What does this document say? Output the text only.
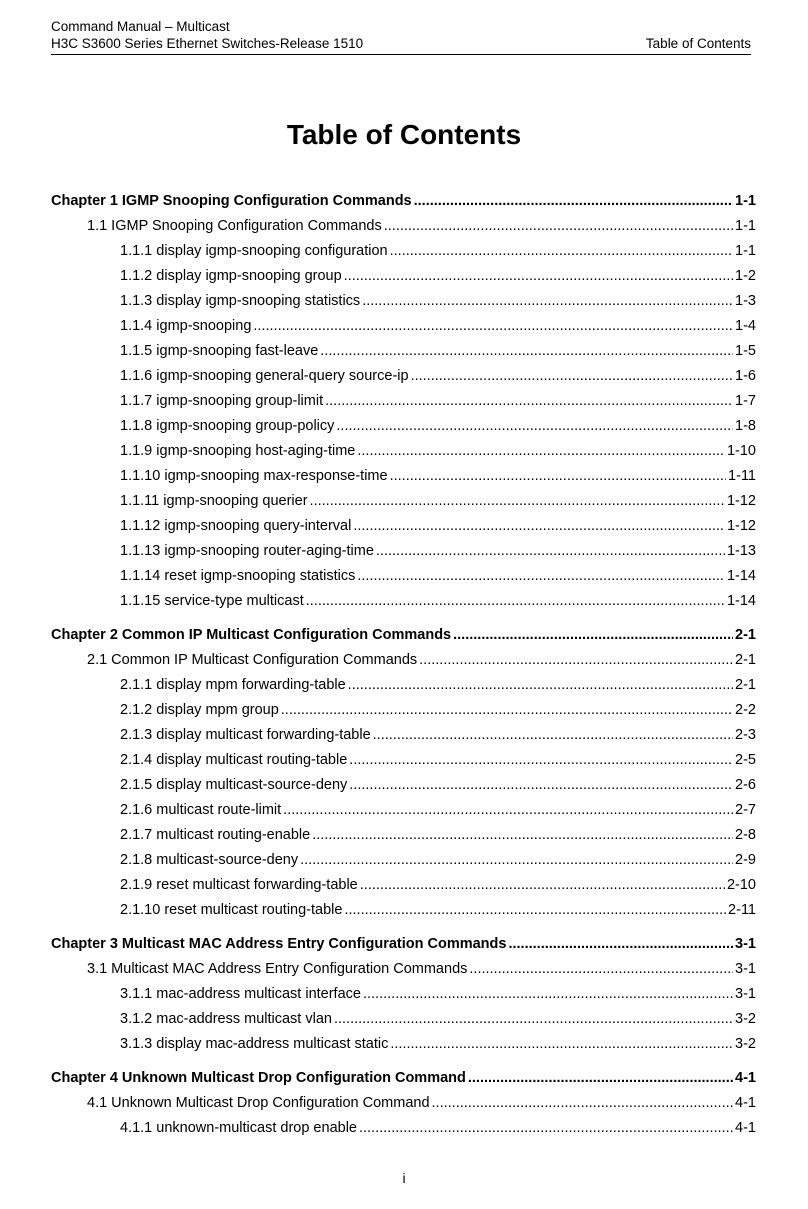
Command Manual – Multicast
H3C S3600 Series Ethernet Switches-Release 1510	Table of Contents
Table of Contents
Chapter 1 IGMP Snooping Configuration Commands .....	1-1
1.1 IGMP Snooping Configuration Commands .....	1-1
1.1.1 display igmp-snooping configuration .....	1-1
1.1.2 display igmp-snooping group .....	1-2
1.1.3 display igmp-snooping statistics .....	1-3
1.1.4 igmp-snooping .....	1-4
1.1.5 igmp-snooping fast-leave .....	1-5
1.1.6 igmp-snooping general-query source-ip .....	1-6
1.1.7 igmp-snooping group-limit .....	1-7
1.1.8 igmp-snooping group-policy .....	1-8
1.1.9 igmp-snooping host-aging-time .....	1-10
1.1.10 igmp-snooping max-response-time .....	1-11
1.1.11 igmp-snooping querier .....	1-12
1.1.12 igmp-snooping query-interval .....	1-12
1.1.13 igmp-snooping router-aging-time .....	1-13
1.1.14 reset igmp-snooping statistics .....	1-14
1.1.15 service-type multicast .....	1-14
Chapter 2 Common IP Multicast Configuration Commands .....	2-1
2.1 Common IP Multicast Configuration Commands .....	2-1
2.1.1 display mpm forwarding-table .....	2-1
2.1.2 display mpm group .....	2-2
2.1.3 display multicast forwarding-table .....	2-3
2.1.4 display multicast routing-table .....	2-5
2.1.5 display multicast-source-deny .....	2-6
2.1.6 multicast route-limit .....	2-7
2.1.7 multicast routing-enable .....	2-8
2.1.8 multicast-source-deny .....	2-9
2.1.9 reset multicast forwarding-table .....	2-10
2.1.10 reset multicast routing-table .....	2-11
Chapter 3 Multicast MAC Address Entry Configuration Commands .....	3-1
3.1 Multicast MAC Address Entry Configuration Commands .....	3-1
3.1.1 mac-address multicast interface .....	3-1
3.1.2 mac-address multicast vlan .....	3-2
3.1.3 display mac-address multicast static .....	3-2
Chapter 4 Unknown Multicast Drop Configuration Command .....	4-1
4.1 Unknown Multicast Drop Configuration Command .....	4-1
4.1.1 unknown-multicast drop enable .....	4-1
i
